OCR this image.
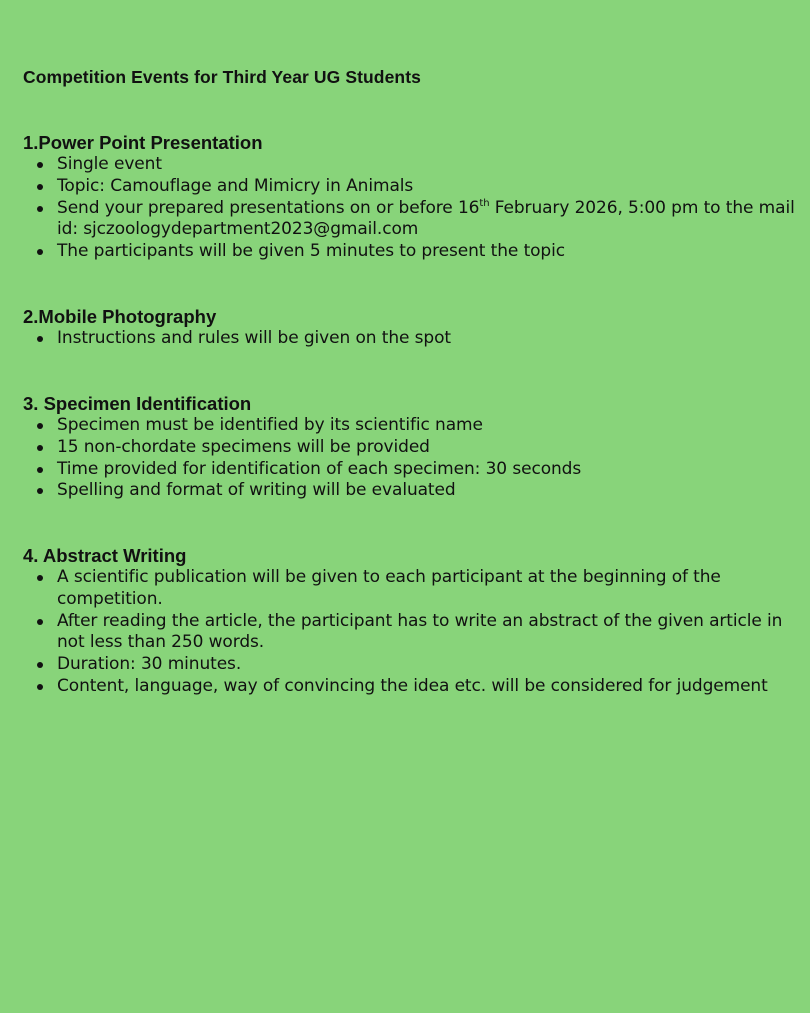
Competition Events for Third Year UG Students
1.Power Point Presentation
Single event
Topic: Camouflage and Mimicry in Animals
Send your prepared presentations on or before 16th February 2026, 5:00 pm to the mail id: sjczoologydepartment2023@gmail.com
The participants will be given 5 minutes to present the topic
2.Mobile Photography
Instructions and rules will be given on the spot
3. Specimen Identification
Specimen must be identified by its scientific name
15 non-chordate specimens will be provided
Time provided for identification of each specimen: 30 seconds
Spelling and format of writing will be evaluated
4. Abstract Writing
A scientific publication will be given to each participant at the beginning of the competition.
After reading the article, the participant has to write an abstract of the given article in not less than 250 words.
Duration: 30 minutes.
Content, language, way of convincing the idea etc. will be considered for judgement
